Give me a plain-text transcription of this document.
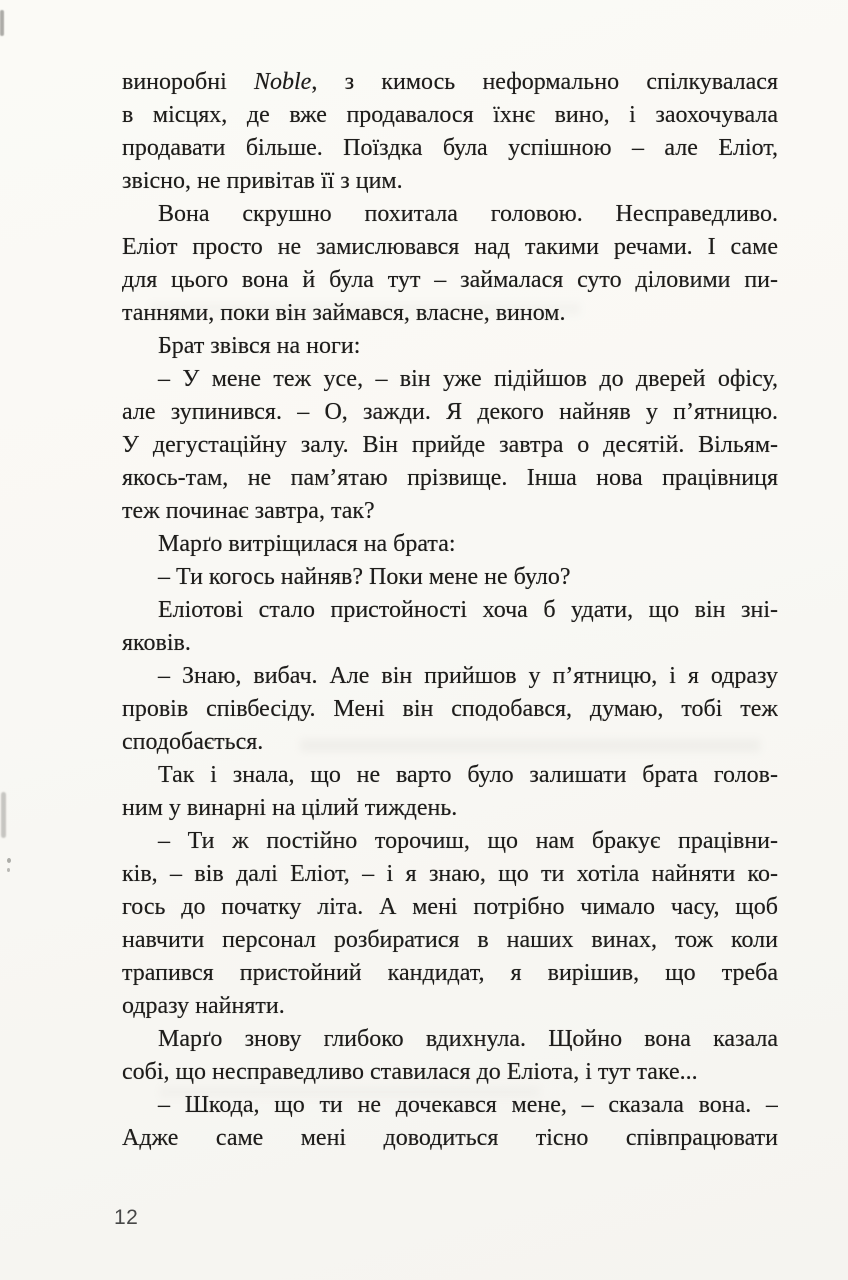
виноробні Noble, з кимось неформально спілкувалася
в місцях, де вже продавалося їхнє вино, і заохочувала
продавати більше. Поїздка була успішною – але Еліот,
звісно, не привітав її з цим.
Вона скрушно похитала головою. Несправедливо.
Еліот просто не замислювався над такими речами. І саме
для цього вона й була тут – займалася суто діловими пи-
таннями, поки він займався, власне, вином.
Брат звівся на ноги:
– У мене теж усе, – він уже підійшов до дверей офісу,
але зупинився. – О, зажди. Я декого найняв у п’ятницю.
У дегустаційну залу. Він прийде завтра о десятій. Вільям-
якось-там, не пам’ятаю прізвище. Інша нова працівниця
теж починає завтра, так?
Марґо витріщилася на брата:
– Ти когось найняв? Поки мене не було?
Еліотові стало пристойності хоча б удати, що він зні-
яковів.
– Знаю, вибач. Але він прийшов у п’ятницю, і я одразу
провів співбесіду. Мені він сподобався, думаю, тобі теж
сподобається.
Так і знала, що не варто було залишати брата голов-
ним у винарні на цілий тиждень.
– Ти ж постійно торочиш, що нам бракує працівни-
ків, – вів далі Еліот, – і я знаю, що ти хотіла найняти ко-
гось до початку літа. А мені потрібно чимало часу, щоб
навчити персонал розбиратися в наших винах, тож коли
трапився пристойний кандидат, я вирішив, що треба
одразу найняти.
Марґо знову глибоко вдихнула. Щойно вона казала
собі, що несправедливо ставилася до Еліота, і тут таке...
– Шкода, що ти не дочекався мене, – сказала вона. –
Адже саме мені доводиться тісно співпрацювати
12
